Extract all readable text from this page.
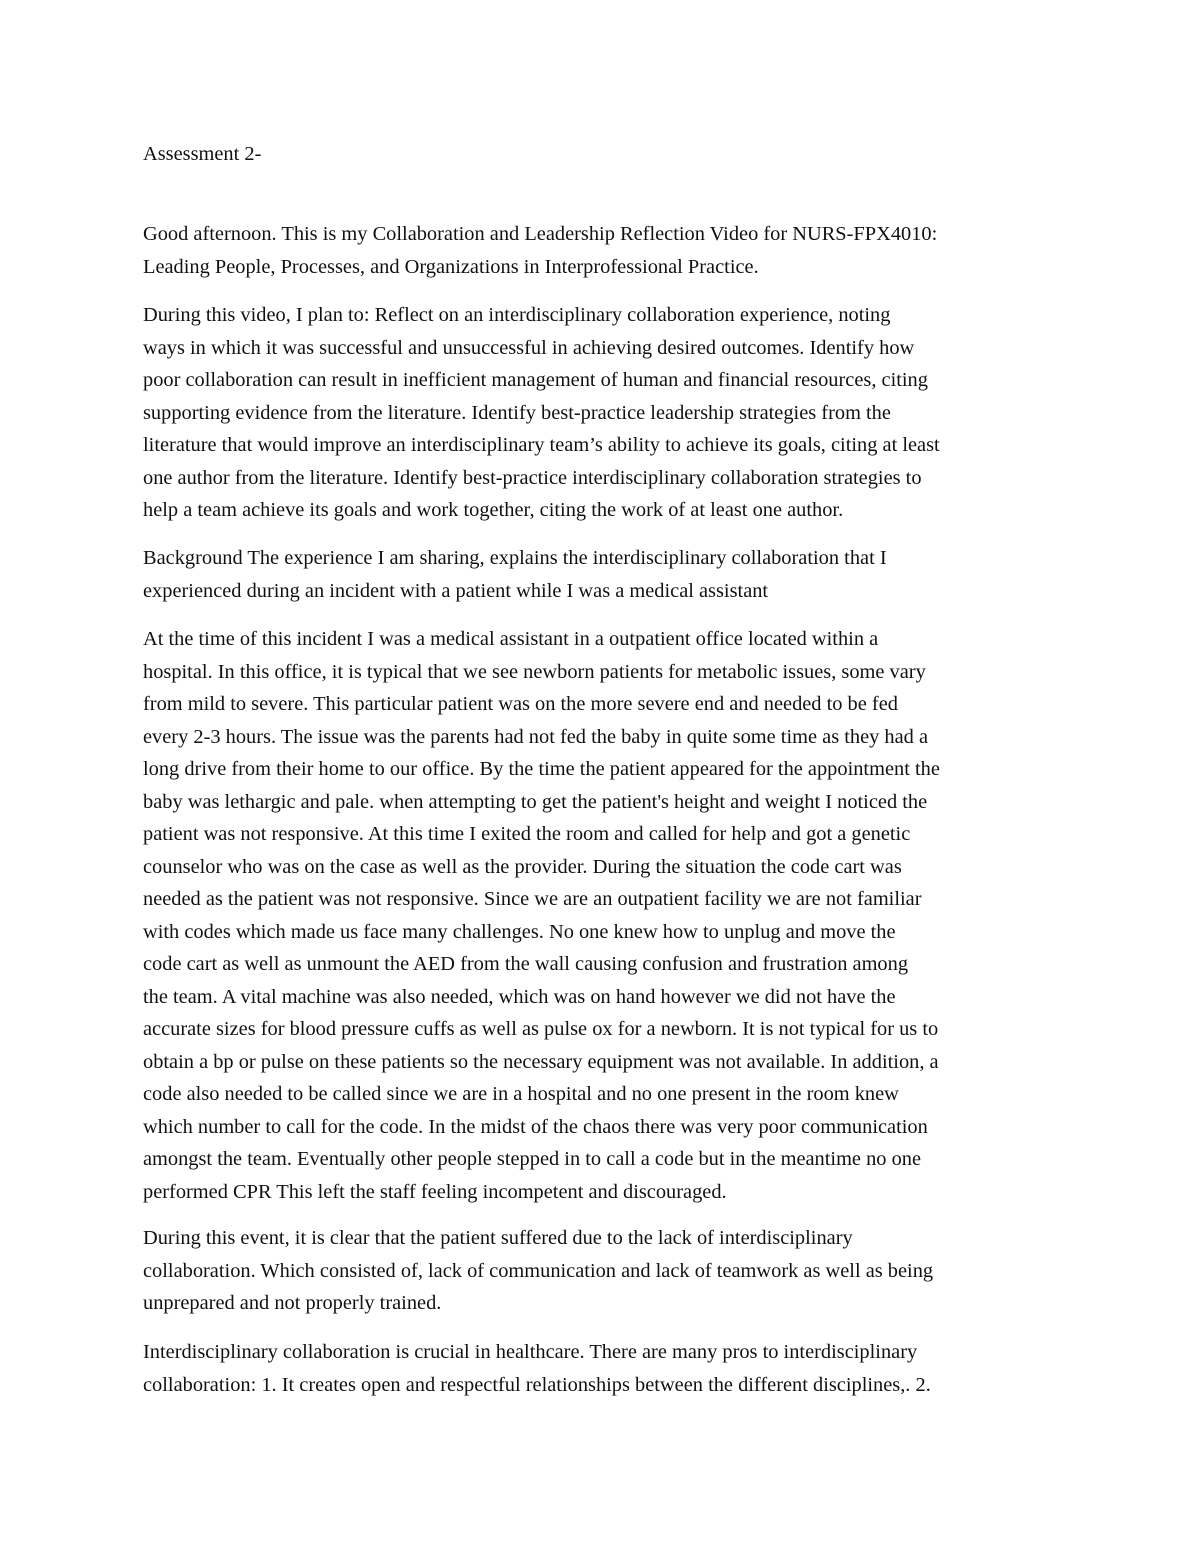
Assessment 2-

Good afternoon. This is my Collaboration and Leadership Reflection Video for NURS-FPX4010:
Leading People, Processes, and Organizations in Interprofessional Practice.

During this video, I plan to: Reflect on an interdisciplinary collaboration experience, noting
ways in which it was successful and unsuccessful in achieving desired outcomes. Identify how
poor collaboration can result in inefficient management of human and financial resources, citing
supporting evidence from the literature. Identify best-practice leadership strategies from the
literature that would improve an interdisciplinary team’s ability to achieve its goals, citing at least
one author from the literature. Identify best-practice interdisciplinary collaboration strategies to
help a team achieve its goals and work together, citing the work of at least one author.

Background The experience I am sharing, explains the interdisciplinary collaboration that I
experienced during an incident with a patient while I was a medical assistant

At the time of this incident I was a medical assistant in a outpatient office located within a
hospital. In this office, it is typical that we see newborn patients for metabolic issues, some vary
from mild to severe. This particular patient was on the more severe end and needed to be fed
every 2-3 hours. The issue was the parents had not fed the baby in quite some time as they had a
long drive from their home to our office. By the time the patient appeared for the appointment the
baby was lethargic and pale. when attempting to get the patient's height and weight I noticed the
patient was not responsive. At this time I exited the room and called for help and got a genetic
counselor who was on the case as well as the provider. During the situation the code cart was
needed as the patient was not responsive. Since we are an outpatient facility we are not familiar
with codes which made us face many challenges. No one knew how to unplug and move the
code cart as well as unmount the AED from the wall causing confusion and frustration among
the team. A vital machine was also needed, which was on hand however we did not have the
accurate sizes for blood pressure cuffs as well as pulse ox for a newborn. It is not typical for us to
obtain a bp or pulse on these patients so the necessary equipment was not available. In addition, a
code also needed to be called since we are in a hospital and no one present in the room knew
which number to call for the code. In the midst of the chaos there was very poor communication
amongst the team. Eventually other people stepped in to call a code but in the meantime no one
performed CPR This left the staff feeling incompetent and discouraged.

During this event, it is clear that the patient suffered due to the lack of interdisciplinary
collaboration. Which consisted of, lack of communication and lack of teamwork as well as being
unprepared and not properly trained.

Interdisciplinary collaboration is crucial in healthcare. There are many pros to interdisciplinary
collaboration: 1. It creates open and respectful relationships between the different disciplines,. 2.
